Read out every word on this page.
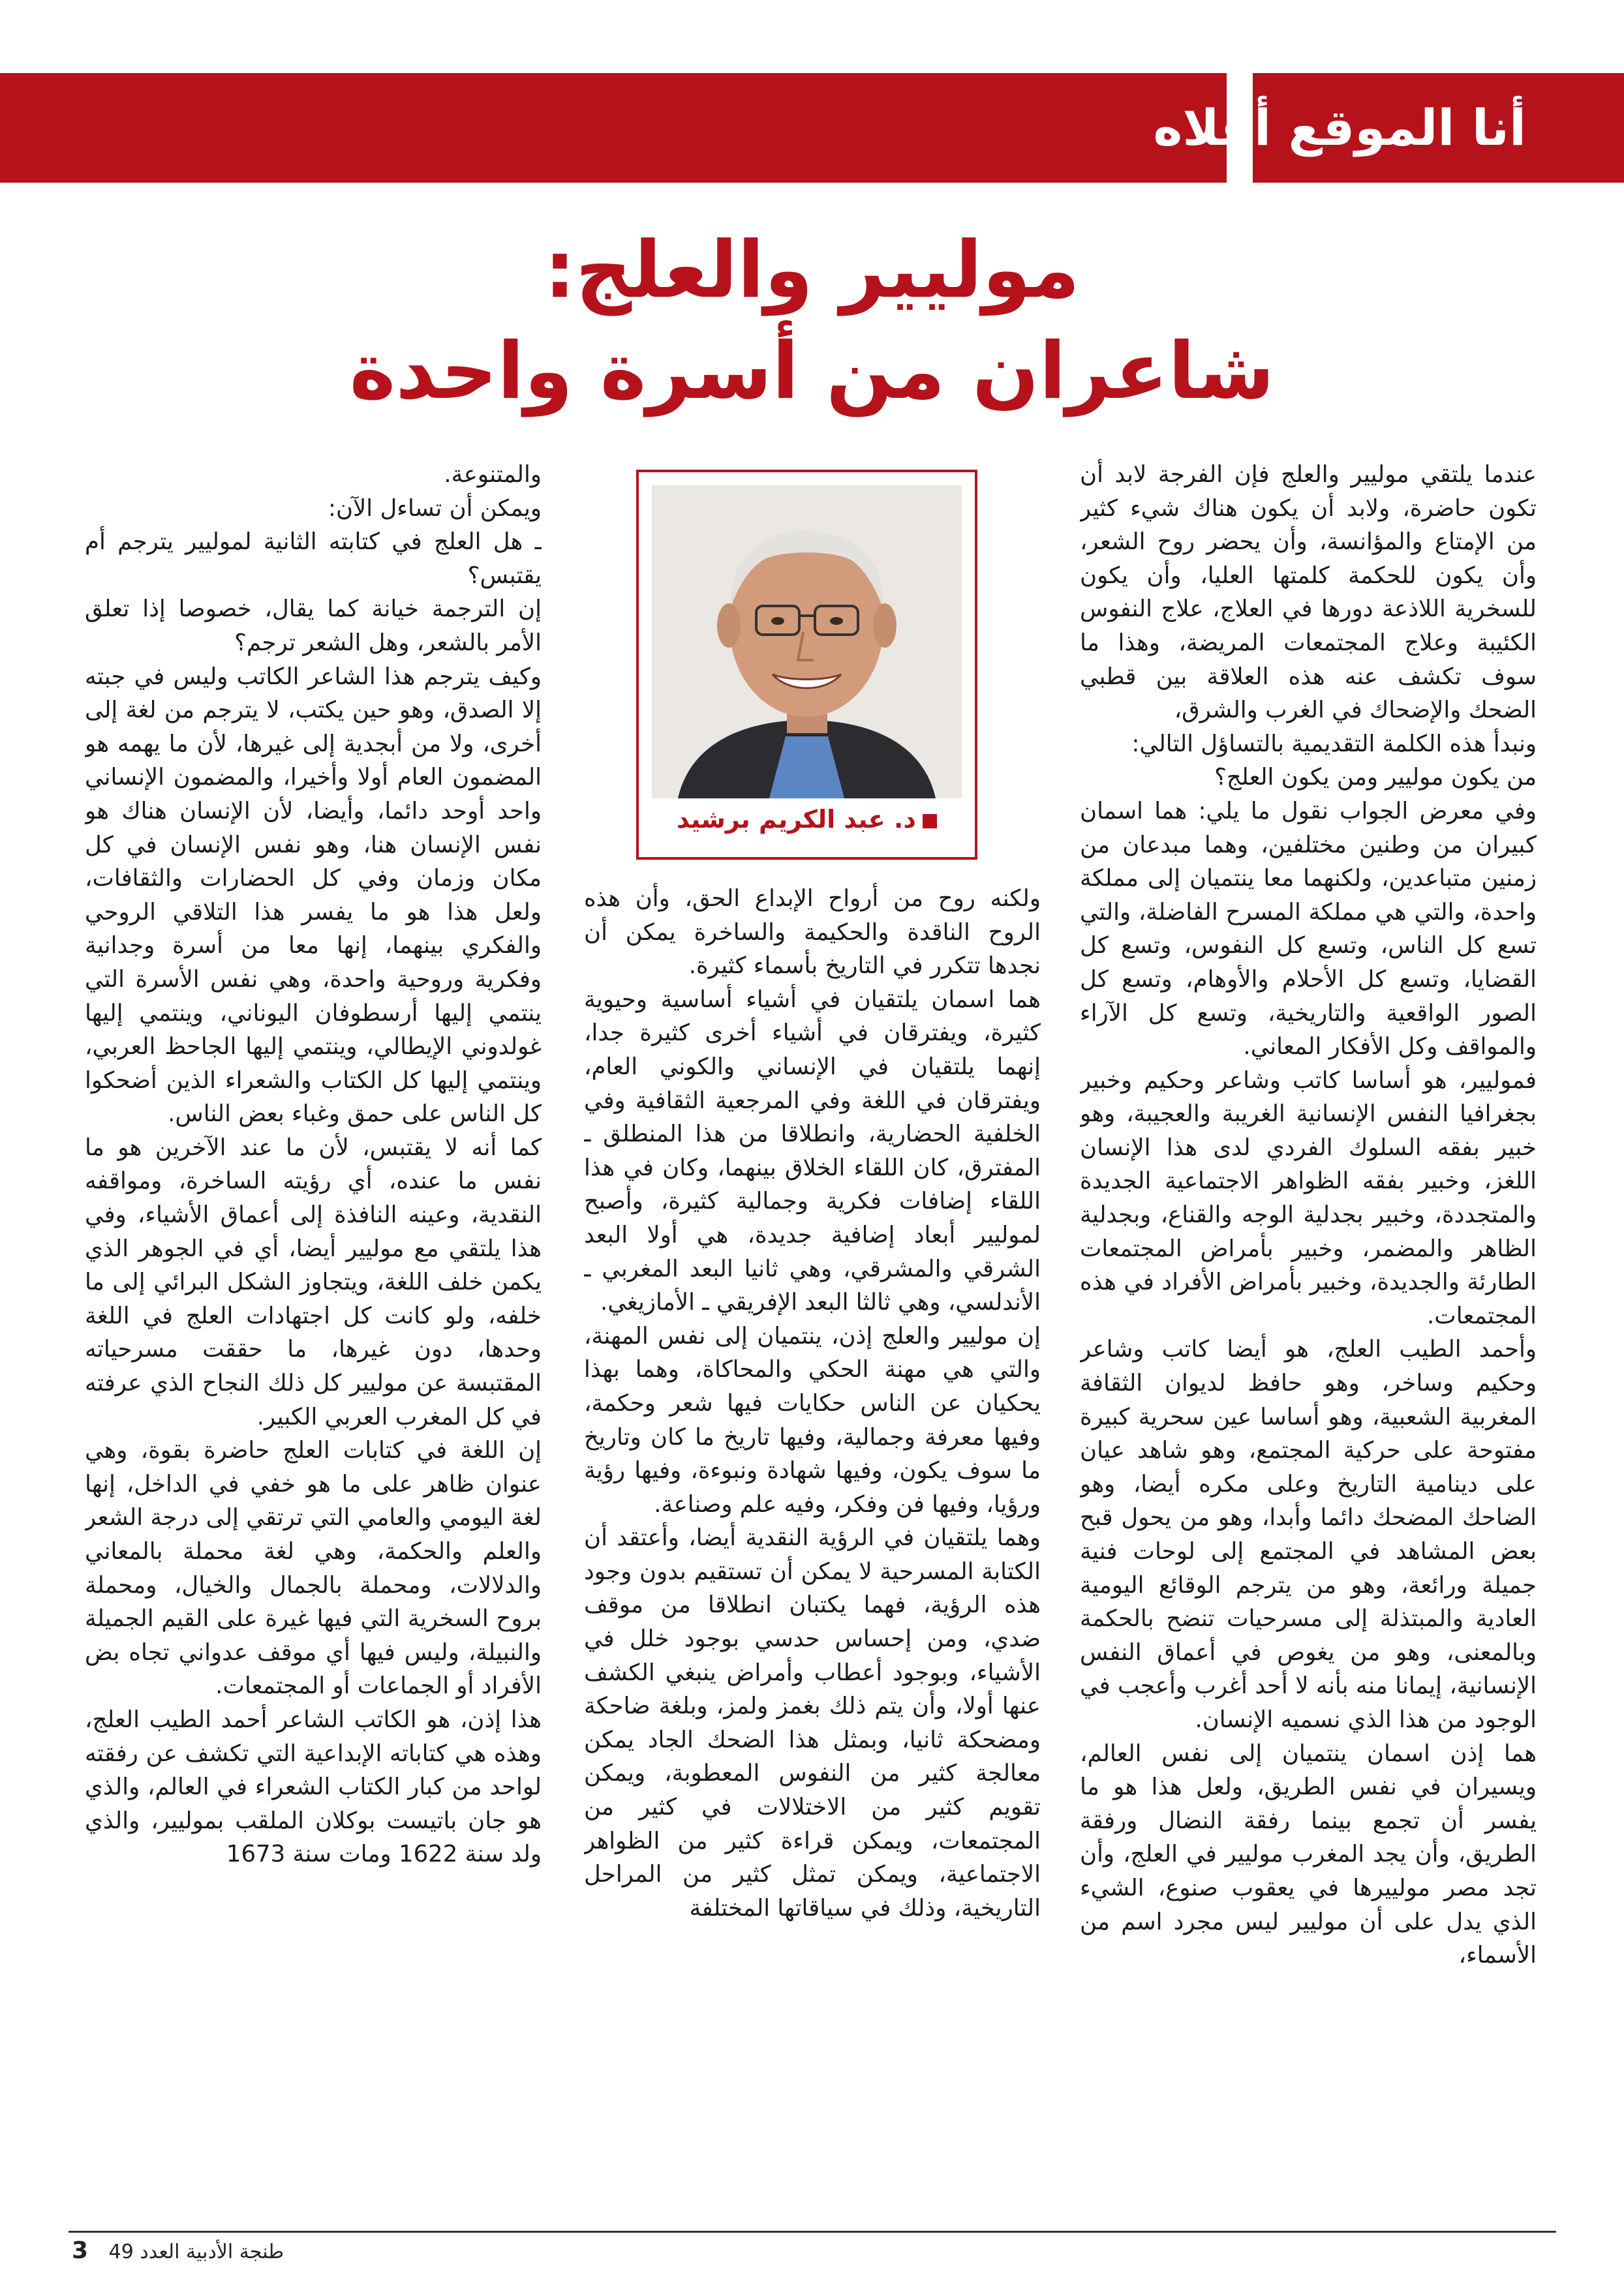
أنا الموقع أعلاه
موليير والعلج:
شاعران من أسرة واحدة

عندما يلتقي موليير والعلج فإن الفرجة لابد أن تكون حاضرة، ولابد أن يكون هناك شيء كثير من الإمتاع والمؤانسة، وأن يحضر روح الشعر، وأن يكون للحكمة كلمتها العليا، وأن يكون للسخرية اللاذعة دورها في العلاج، علاج النفوس الكئيبة وعلاج المجتمعات المريضة، وهذا ما سوف تكشف عنه هذه العلاقة بين قطبي الضحك والإضحاك في الغرب والشرق،

ونبدأ هذه الكلمة التقديمية بالتساؤل التالي:

من يكون موليير ومن يكون العلج؟

وفي معرض الجواب نقول ما يلي: هما اسمان كبيران من وطنين مختلفين، وهما مبدعان من زمنين متباعدين، ولكنهما معا ينتميان إلى مملكة واحدة، والتي هي مملكة المسرح الفاضلة، والتي تسع كل الناس، وتسع كل النفوس، وتسع كل القضايا، وتسع كل الأحلام والأوهام، وتسع كل الصور الواقعية والتاريخية، وتسع كل الآراء والمواقف وكل الأفكار المعاني.

فموليير، هو أساسا كاتب وشاعر وحكيم وخبير بجغرافيا النفس الإنسانية الغريبة والعجيبة، وهو خبير بفقه السلوك الفردي لدى هذا الإنسان اللغز، وخبير بفقه الظواهر الاجتماعية الجديدة والمتجددة، وخبير بجدلية الوجه والقناع، وبجدلية الظاهر والمضمر، وخبير بأمراض المجتمعات الطارئة والجديدة، وخبير بأمراض الأفراد في هذه المجتمعات.

وأحمد الطيب العلج، هو أيضا كاتب وشاعر وحكيم وساخر، وهو حافظ لديوان الثقافة المغربية الشعبية، وهو أساسا عين سحرية كبيرة مفتوحة على حركية المجتمع، وهو شاهد عيان على دينامية التاريخ وعلى مكره أيضا، وهو الضاحك المضحك دائما وأبدا، وهو من يحول قبح بعض المشاهد في المجتمع إلى لوحات فنية جميلة ورائعة، وهو من يترجم الوقائع اليومية العادية والمبتذلة إلى مسرحيات تنضح بالحكمة وبالمعنى، وهو من يغوص في أعماق النفس الإنسانية، إيمانا منه بأنه لا أحد أغرب وأعجب في الوجود من هذا الذي نسميه الإنسان.

هما إذن اسمان ينتميان إلى نفس العالم، ويسيران في نفس الطريق، ولعل هذا هو ما يفسر أن تجمع بينما رفقة النضال ورفقة الطريق، وأن يجد المغرب موليير في العلج، وأن تجد مصر مولييرها في يعقوب صنوع، الشيء الذي يدل على أن موليير ليس مجرد اسم من الأسماء،

د. عبد الكريم برشيد

ولكنه روح من أرواح الإبداع الحق، وأن هذه الروح الناقدة والحكيمة والساخرة يمكن أن نجدها تتكرر في التاريخ بأسماء كثيرة.

هما اسمان يلتقيان في أشياء أساسية وحيوية كثيرة، ويفترقان في أشياء أخرى كثيرة جدا، إنهما يلتقيان في الإنساني والكوني العام، ويفترقان في اللغة وفي المرجعية الثقافية وفي الخلفية الحضارية، وانطلاقا من هذا المنطلق ـ المفترق، كان اللقاء الخلاق بينهما، وكان في هذا اللقاء إضافات فكرية وجمالية كثيرة، وأصبح لموليير أبعاد إضافية جديدة، هي أولا البعد الشرقي والمشرقي، وهي ثانيا البعد المغربي ـ الأندلسي، وهي ثالثا البعد الإفريقي ـ الأمازيغي.

إن موليير والعلج إذن، ينتميان إلى نفس المهنة، والتي هي مهنة الحكي والمحاكاة، وهما بهذا يحكيان عن الناس حكايات فيها شعر وحكمة، وفيها معرفة وجمالية، وفيها تاريخ ما كان وتاريخ ما سوف يكون، وفيها شهادة ونبوءة، وفيها رؤية ورؤيا، وفيها فن وفكر، وفيه علم وصناعة.

وهما يلتقيان في الرؤية النقدية أيضا، وأعتقد أن الكتابة المسرحية لا يمكن أن تستقيم بدون وجود هذه الرؤية، فهما يكتبان انطلاقا من موقف ضدي، ومن إحساس حدسي بوجود خلل في الأشياء، وبوجود أعطاب وأمراض ينبغي الكشف عنها أولا، وأن يتم ذلك بغمز ولمز، وبلغة ضاحكة ومضحكة ثانيا، وبمثل هذا الضحك الجاد يمكن معالجة كثير من النفوس المعطوبة، ويمكن تقويم كثير من الاختلالات في كثير من المجتمعات، ويمكن قراءة كثير من الظواهر الاجتماعية، ويمكن تمثل كثير من المراحل التاريخية، وذلك في سياقاتها المختلفة

والمتنوعة.

ويمكن أن تساءل الآن:

ـ هل العلج في كتابته الثانية لموليير يترجم أم يقتبس؟

إن الترجمة خيانة كما يقال، خصوصا إذا تعلق الأمر بالشعر، وهل الشعر ترجم؟

وكيف يترجم هذا الشاعر الكاتب وليس في جبته إلا الصدق، وهو حين يكتب، لا يترجم من لغة إلى أخرى، ولا من أبجدية إلى غيرها، لأن ما يهمه هو المضمون العام أولا وأخيرا، والمضمون الإنساني واحد أوحد دائما، وأيضا، لأن الإنسان هناك هو نفس الإنسان هنا، وهو نفس الإنسان في كل مكان وزمان وفي كل الحضارات والثقافات، ولعل هذا هو ما يفسر هذا التلاقي الروحي والفكري بينهما، إنها معا من أسرة وجدانية وفكرية وروحية واحدة، وهي نفس الأسرة التي ينتمي إليها أرسطوفان اليوناني، وينتمي إليها غولدوني الإيطالي، وينتمي إليها الجاحظ العربي، وينتمي إليها كل الكتاب والشعراء الذين أضحكوا كل الناس على حمق وغباء بعض الناس.

كما أنه لا يقتبس، لأن ما عند الآخرين هو ما نفس ما عنده، أي رؤيته الساخرة، ومواقفه النقدية، وعينه النافذة إلى أعماق الأشياء، وفي هذا يلتقي مع موليير أيضا، أي في الجوهر الذي يكمن خلف اللغة، ويتجاوز الشكل البرائي إلى ما خلفه، ولو كانت كل اجتهادات العلج في اللغة وحدها، دون غيرها، ما حققت مسرحياته المقتبسة عن موليير كل ذلك النجاح الذي عرفته في كل المغرب العربي الكبير.

إن اللغة في كتابات العلج حاضرة بقوة، وهي عنوان ظاهر على ما هو خفي في الداخل، إنها لغة اليومي والعامي التي ترتقي إلى درجة الشعر والعلم والحكمة، وهي لغة محملة بالمعاني والدلالات، ومحملة بالجمال والخيال، ومحملة بروح السخرية التي فيها غيرة على القيم الجميلة والنبيلة، وليس فيها أي موقف عدواني تجاه بض الأفراد أو الجماعات أو المجتمعات.

هذا إذن، هو الكاتب الشاعر أحمد الطيب العلج، وهذه هي كتاباته الإبداعية التي تكشف عن رفقته لواحد من كبار الكتاب الشعراء في العالم، والذي هو جان باتيست بوكلان الملقب بموليير، والذي ولد سنة 1622 ومات سنة 1673

3 49 العدد طنجة الأدبية
